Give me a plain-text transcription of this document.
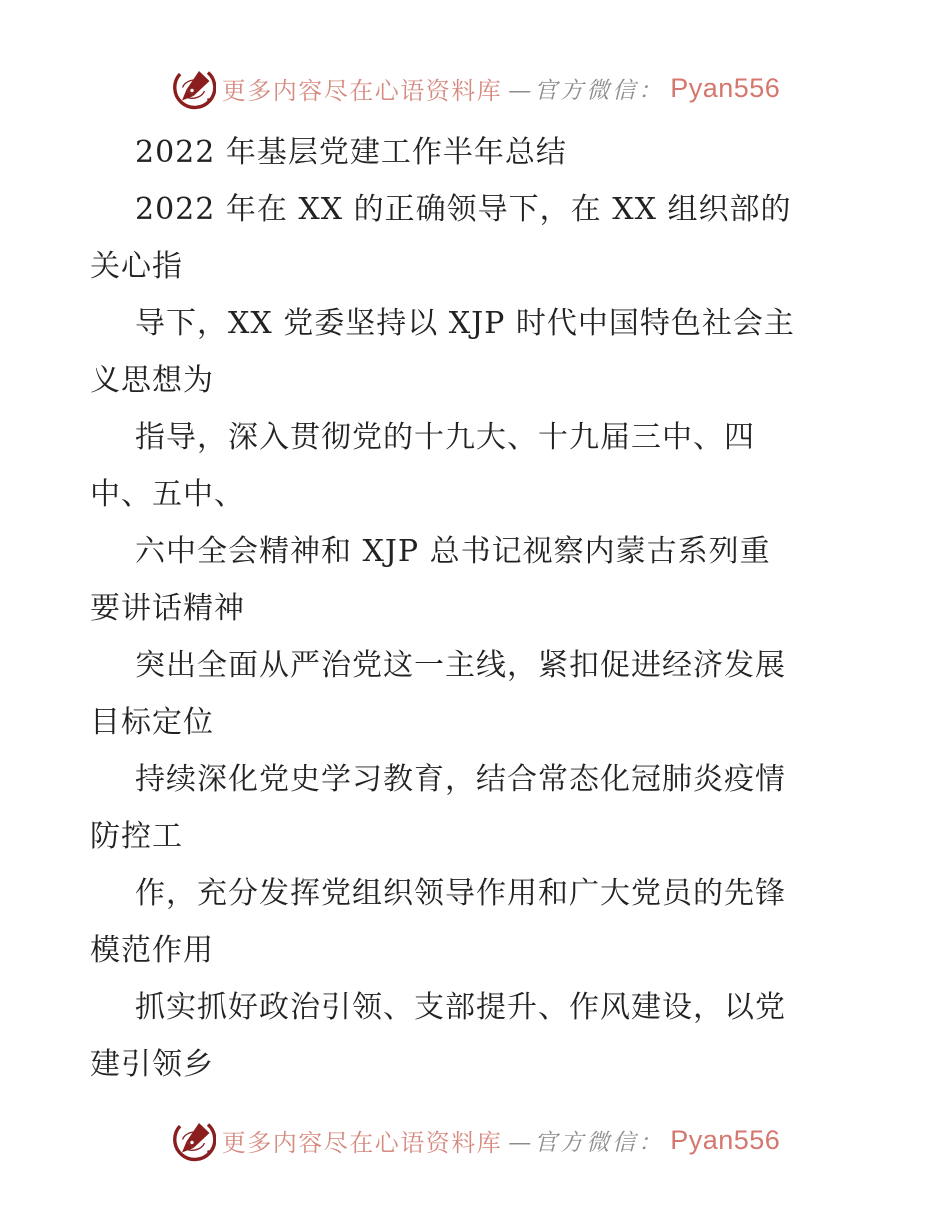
更多内容尽在心语资料库 —官方微信： Pyan556
2022 年基层党建工作半年总结
2022 年在 XX 的正确领导下，在 XX 组织部的
关心指
导下，XX 党委坚持以 XJP 时代中国特色社会主
义思想为
指导，深入贯彻党的十九大、十九届三中、四
中、五中、
六中全会精神和 XJP 总书记视察内蒙古系列重
要讲话精神
突出全面从严治党这一主线，紧扣促进经济发展
目标定位
持续深化党史学习教育，结合常态化冠肺炎疫情
防控工
作，充分发挥党组织领导作用和广大党员的先锋
模范作用
抓实抓好政治引领、支部提升、作风建设，以党
建引领乡
更多内容尽在心语资料库 —官方微信： Pyan556
